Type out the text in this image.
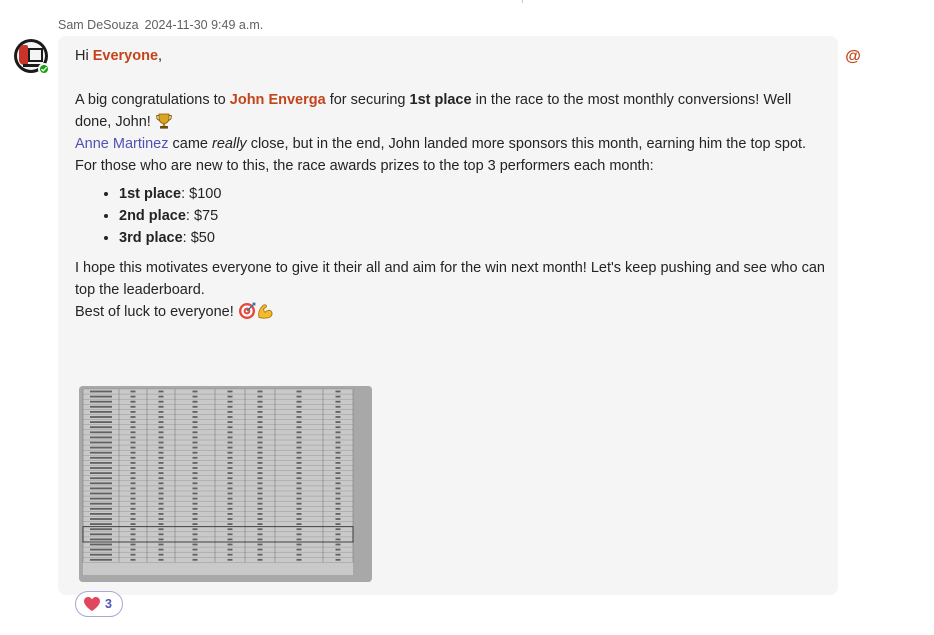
Sam DeSouza 2024-11-30 9:49 a.m.

Hi Everyone,

A big congratulations to John Enverga for securing 1st place in the race to the most monthly conversions! Well done, John!

Anne Martinez came really close, but in the end, John landed more sponsors this month, earning him the top spot.

For those who are new to this, the race awards prizes to the top 3 performers each month:

• 1st place: $100
• 2nd place: $75
• 3rd place: $50

I hope this motivates everyone to give it their all and aim for the win next month! Let's keep pushing and see who can top the leaderboard.

Best of luck to everyone!

@
3
